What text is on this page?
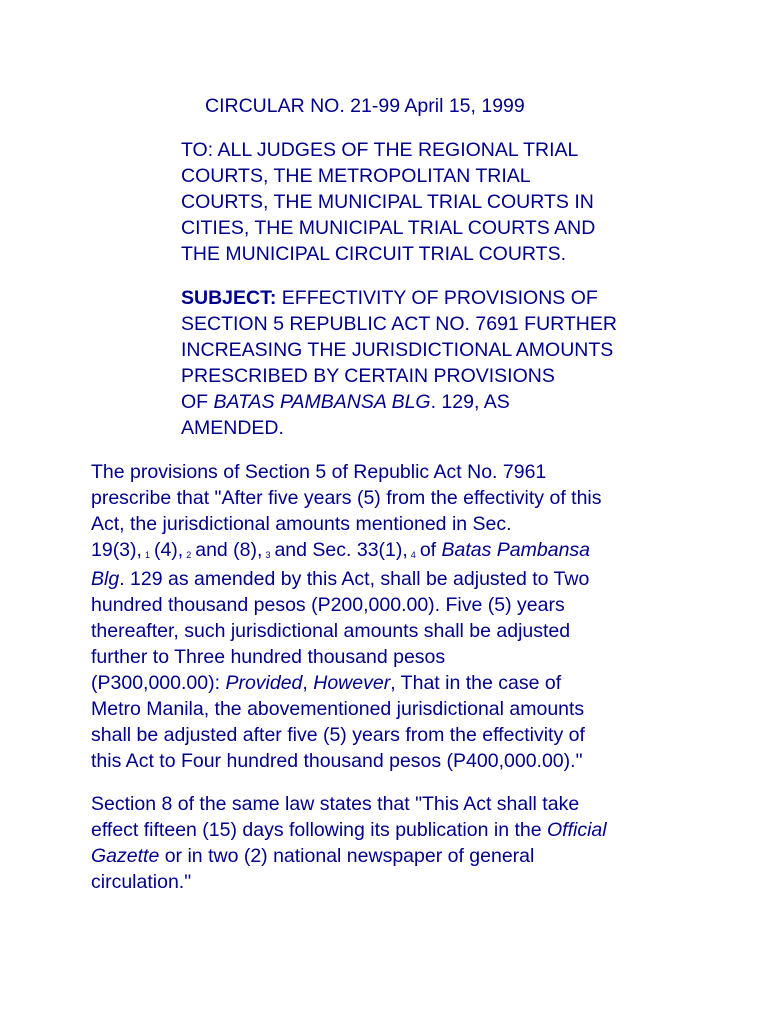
CIRCULAR NO. 21-99 April 15, 1999
TO: ALL JUDGES OF THE REGIONAL TRIAL
COURTS, THE METROPOLITAN TRIAL
COURTS, THE MUNICIPAL TRIAL COURTS IN
CITIES, THE MUNICIPAL TRIAL COURTS AND
THE MUNICIPAL CIRCUIT TRIAL COURTS.
SUBJECT: EFFECTIVITY OF PROVISIONS OF
SECTION 5 REPUBLIC ACT NO. 7691 FURTHER
INCREASING THE JURISDICTIONAL AMOUNTS
PRESCRIBED BY CERTAIN PROVISIONS
OF BATAS PAMBANSA BLG. 129, AS
AMENDED.
The provisions of Section 5 of Republic Act No. 7961
prescribe that "After five years (5) from the effectivity of this
Act, the jurisdictional amounts mentioned in Sec.
19(3), $^1$ (4), $^2$ and (8), $^3$ and Sec. 33(1), $^4$ of Batas Pambansa
Blg. 129 as amended by this Act, shall be adjusted to Two
hundred thousand pesos (P200,000.00). Five (5) years
thereafter, such jurisdictional amounts shall be adjusted
further to Three hundred thousand pesos
(P300,000.00): Provided, However, That in the case of
Metro Manila, the abovementioned jurisdictional amounts
shall be adjusted after five (5) years from the effectivity of
this Act to Four hundred thousand pesos (P400,000.00)."
Section 8 of the same law states that "This Act shall take
effect fifteen (15) days following its publication in the Official
Gazette or in two (2) national newspaper of general
circulation."
